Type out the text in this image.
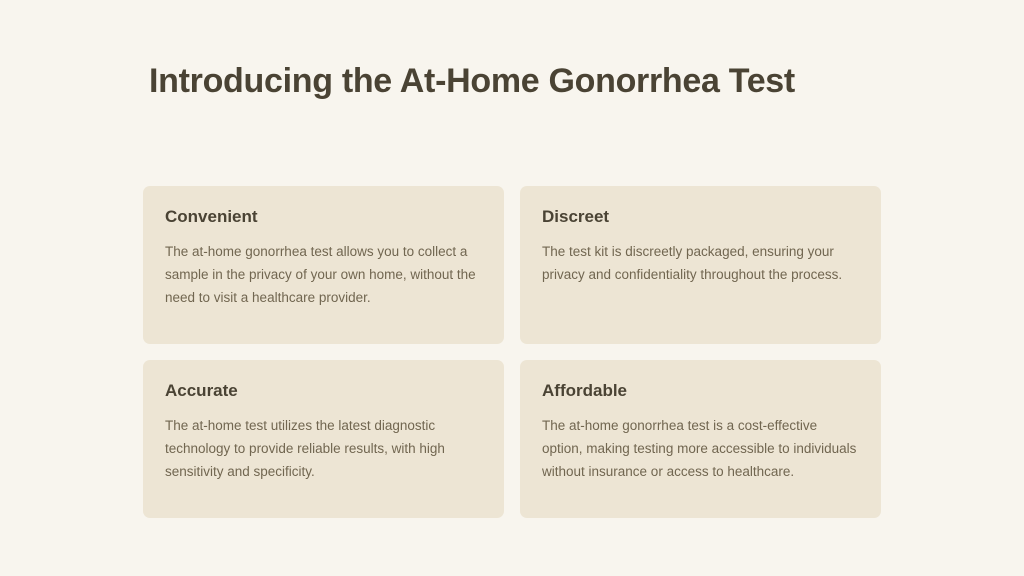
Introducing the At-Home Gonorrhea Test
Convenient

The at-home gonorrhea test allows you to collect a sample in the privacy of your own home, without the need to visit a healthcare provider.

Discreet

The test kit is discreetly packaged, ensuring your privacy and confidentiality throughout the process.

Accurate

The at-home test utilizes the latest diagnostic technology to provide reliable results, with high sensitivity and specificity.

Affordable

The at-home gonorrhea test is a cost-effective option, making testing more accessible to individuals without insurance or access to healthcare.
